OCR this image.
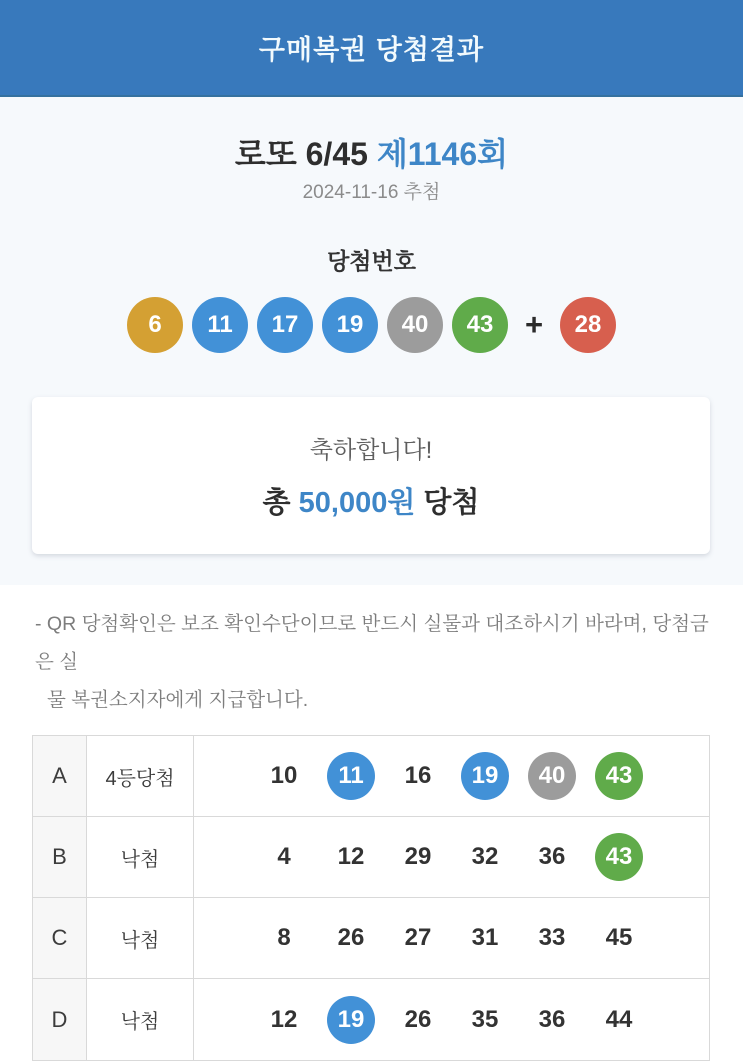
구매복권 당첨결과
로또 6/45 제1146회
2024-11-16 추첨
당첨번호
6	11	17	19	40	43	+	28
축하합니다!
총 50,000원 당첨
- QR 당첨확인은 보조 확인수단이므로 반드시 실물과 대조하시기 바라며, 당첨금은 실
물 복권소지자에게 지급합니다.
A	4등당첨	10	11	16	19	40	43
B	낙첨	4 12 29 32 36	43
C	낙첨	8 26 27 31 33 45
D	낙첨	12	19	26 35 36 44
